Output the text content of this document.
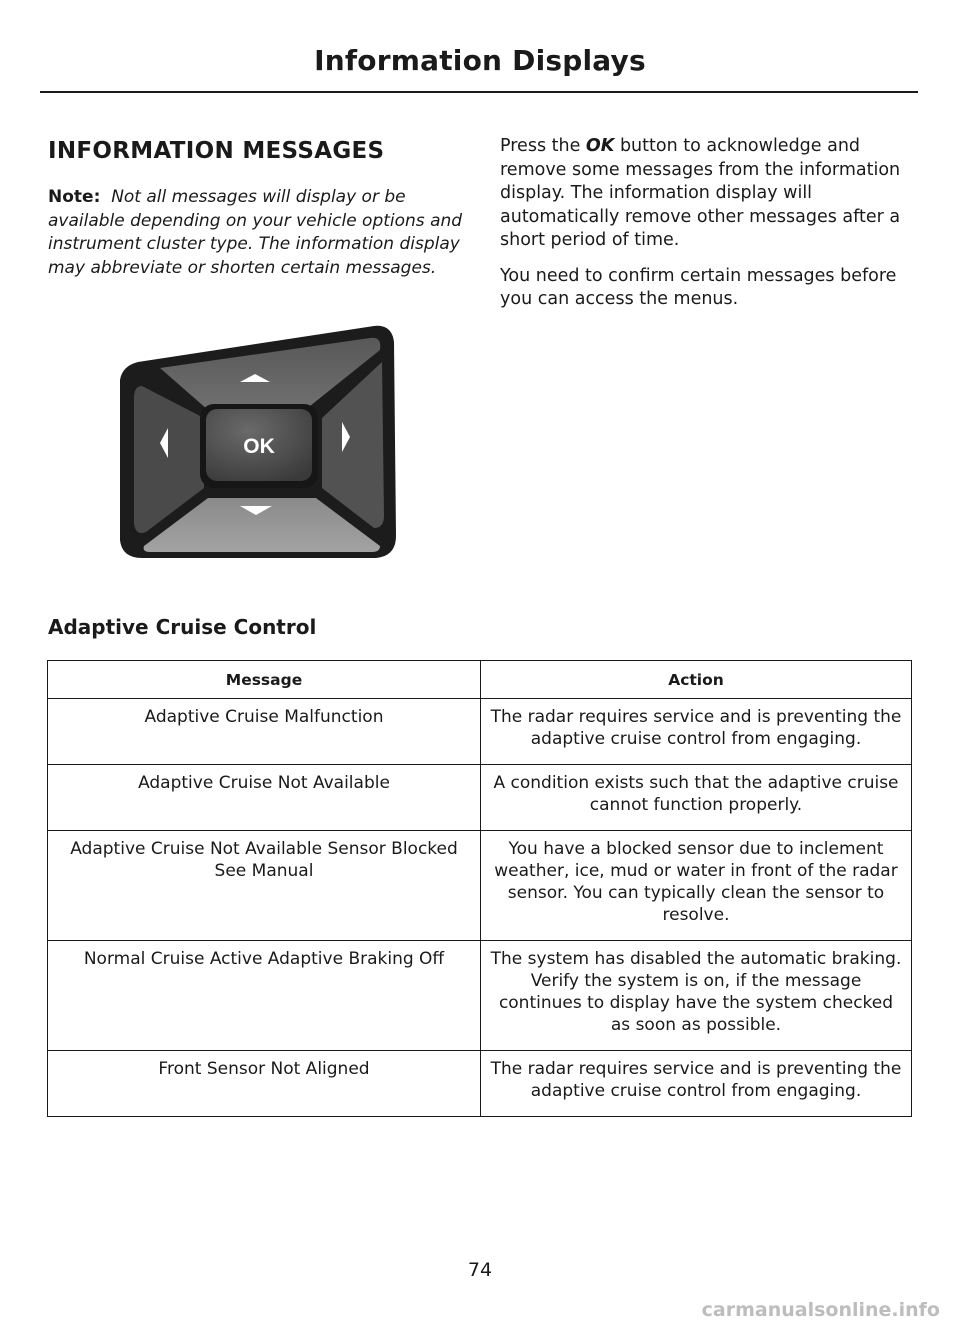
Information Displays
INFORMATION MESSAGES
Note: Not all messages will display or be available depending on your vehicle options and instrument cluster type. The information display may abbreviate or shorten certain messages.

Press the OK button to acknowledge and remove some messages from the information display. The information display will automatically remove other messages after a short period of time.

You need to confirm certain messages before you can access the menus.

OK
Adaptive Cruise Control
Message	Action
Adaptive Cruise Malfunction	The radar requires service and is preventing the adaptive cruise control from engaging.
Adaptive Cruise Not Available	A condition exists such that the adaptive cruise cannot function properly.
Adaptive Cruise Not Available Sensor Blocked See Manual	You have a blocked sensor due to inclement weather, ice, mud or water in front of the radar sensor. You can typically clean the sensor to resolve.
Normal Cruise Active Adaptive Braking Off	The system has disabled the automatic braking. Verify the system is on, if the message continues to display have the system checked as soon as possible.
Front Sensor Not Aligned	The radar requires service and is preventing the adaptive cruise control from engaging.
74
carmanualsonline.info
